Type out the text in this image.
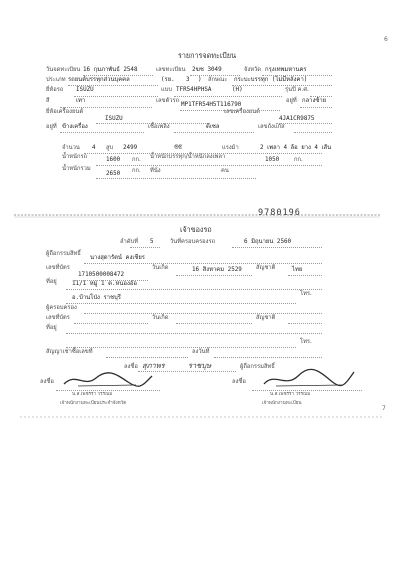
6
7
รายการจดทะเบียน
วันจดทะเบียน 16 กุมภาพันธ์ 2548	เลขทะเบียน 2ฆช 3049	จังหวัด กรุงเทพมหานคร
ประเภท รถยนต์บรรทุกส่วนบุคคล	(รย. 3 ) ลักษณะ กระบะบรรทุก (ไม่มีหลังคา)
ยี่ห้อรถ ISUZU	แบบ TFR54HPHSA	(H)	รุ่นปี ค.ศ.
สี	เทา	เลขตัวรถ
MP1TFR54H5T116790
อยู่ที่ กลางซ้าย
ยี่ห้อเครื่องยนต์
ISUZU
เลขเครื่องยนต์
4JA1CR9875
อยู่ที่ ข้างเครื่อง	เชื้อเพลิง	ดีเซล	เลขถังแก๊ส
จำนวน 4 สูบ 2499	ซีซี	แรงม้า	2 เพลา 4 ล้อ ยาง 4 เส้น
น้ำหนักรถ	1600 กก. น้ำหนักบรรทุก/น้ำหนักลงเพลา	1050	กก.
น้ำหนักรวม
2650 กก. ที่นั่ง	คน
9780196
เจ้าของรถ
ลำดับที่ 5	วันที่ครอบครองรถ	6 มิถุนายน 2560
ผู้ถือกรรมสิทธิ์
นางสุดารัตน์ คงเชียร
เลขที่บัตร
1710500008472
วันเกิด	16 สิงหาคม 2529 สัญชาติ	ไทย
ที่อยู่	11/1 หมู่ 1 ต.หนองอ้อ
อ.บ้านโป่ง ราชบุรี
โทร.
ผู้ครอบครอง
เลขที่บัตร	วันเกิด	สัญชาติ
ที่อยู่
โทร.
สัญญาเช่าซื้อเลขที่	ลงวันที่
ลงชื่อ สุภาพร	ราชบุษ	ผู้ถือกรรมสิทธิ์
ลงชื่อ
น.ส.เพชรรา วรรณม
เจ้าพนักงานทะเบียนประจำจังหวัด
ลงชื่อ
น.ส.เพชรรา วรรณม
เจ้าพนักงานทะเบียน
